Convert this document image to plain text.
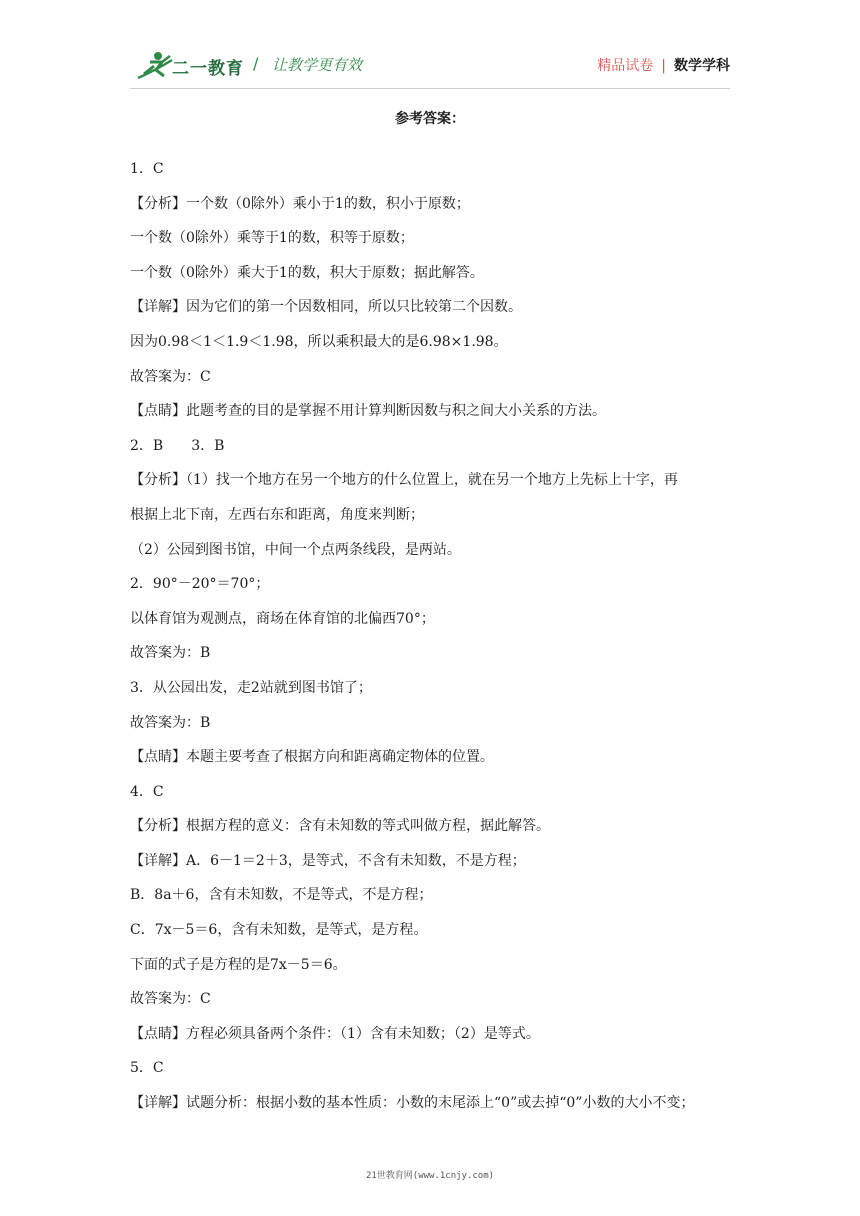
二一教育 / 让教学更有效	精品试卷 | 数学学科
参考答案：
1．C
【分析】一个数（0除外）乘小于1的数，积小于原数；
一个数（0除外）乘等于1的数，积等于原数；
一个数（0除外）乘大于1的数，积大于原数；据此解答。
【详解】因为它们的第一个因数相同，所以只比较第二个因数。
因为0.98＜1＜1.9＜1.98，所以乘积最大的是6.98×1.98。
故答案为：C
【点睛】此题考查的目的是掌握不用计算判断因数与积之间大小关系的方法。
2．B　　3．B
【分析】（1）找一个地方在另一个地方的什么位置上，就在另一个地方上先标上十字，再
根据上北下南，左西右东和距离，角度来判断；
（2）公园到图书馆，中间一个点两条线段，是两站。
2．90°－20°＝70°；
以体育馆为观测点，商场在体育馆的北偏西70°；
故答案为：B
3．从公园出发，走2站就到图书馆了；
故答案为：B
【点睛】本题主要考查了根据方向和距离确定物体的位置。
4．C
【分析】根据方程的意义：含有未知数的等式叫做方程，据此解答。
【详解】A．6－1＝2＋3，是等式，不含有未知数，不是方程；
B．8a＋6，含有未知数，不是等式，不是方程；
C．7x－5＝6，含有未知数，是等式，是方程。
下面的式子是方程的是7x－5＝6。
故答案为：C
【点睛】方程必须具备两个条件：（1）含有未知数；（2）是等式。
5．C
【详解】试题分析：根据小数的基本性质：小数的末尾添上“0”或去掉“0”小数的大小不变；
21世教育网(www.1cnjy.com)
